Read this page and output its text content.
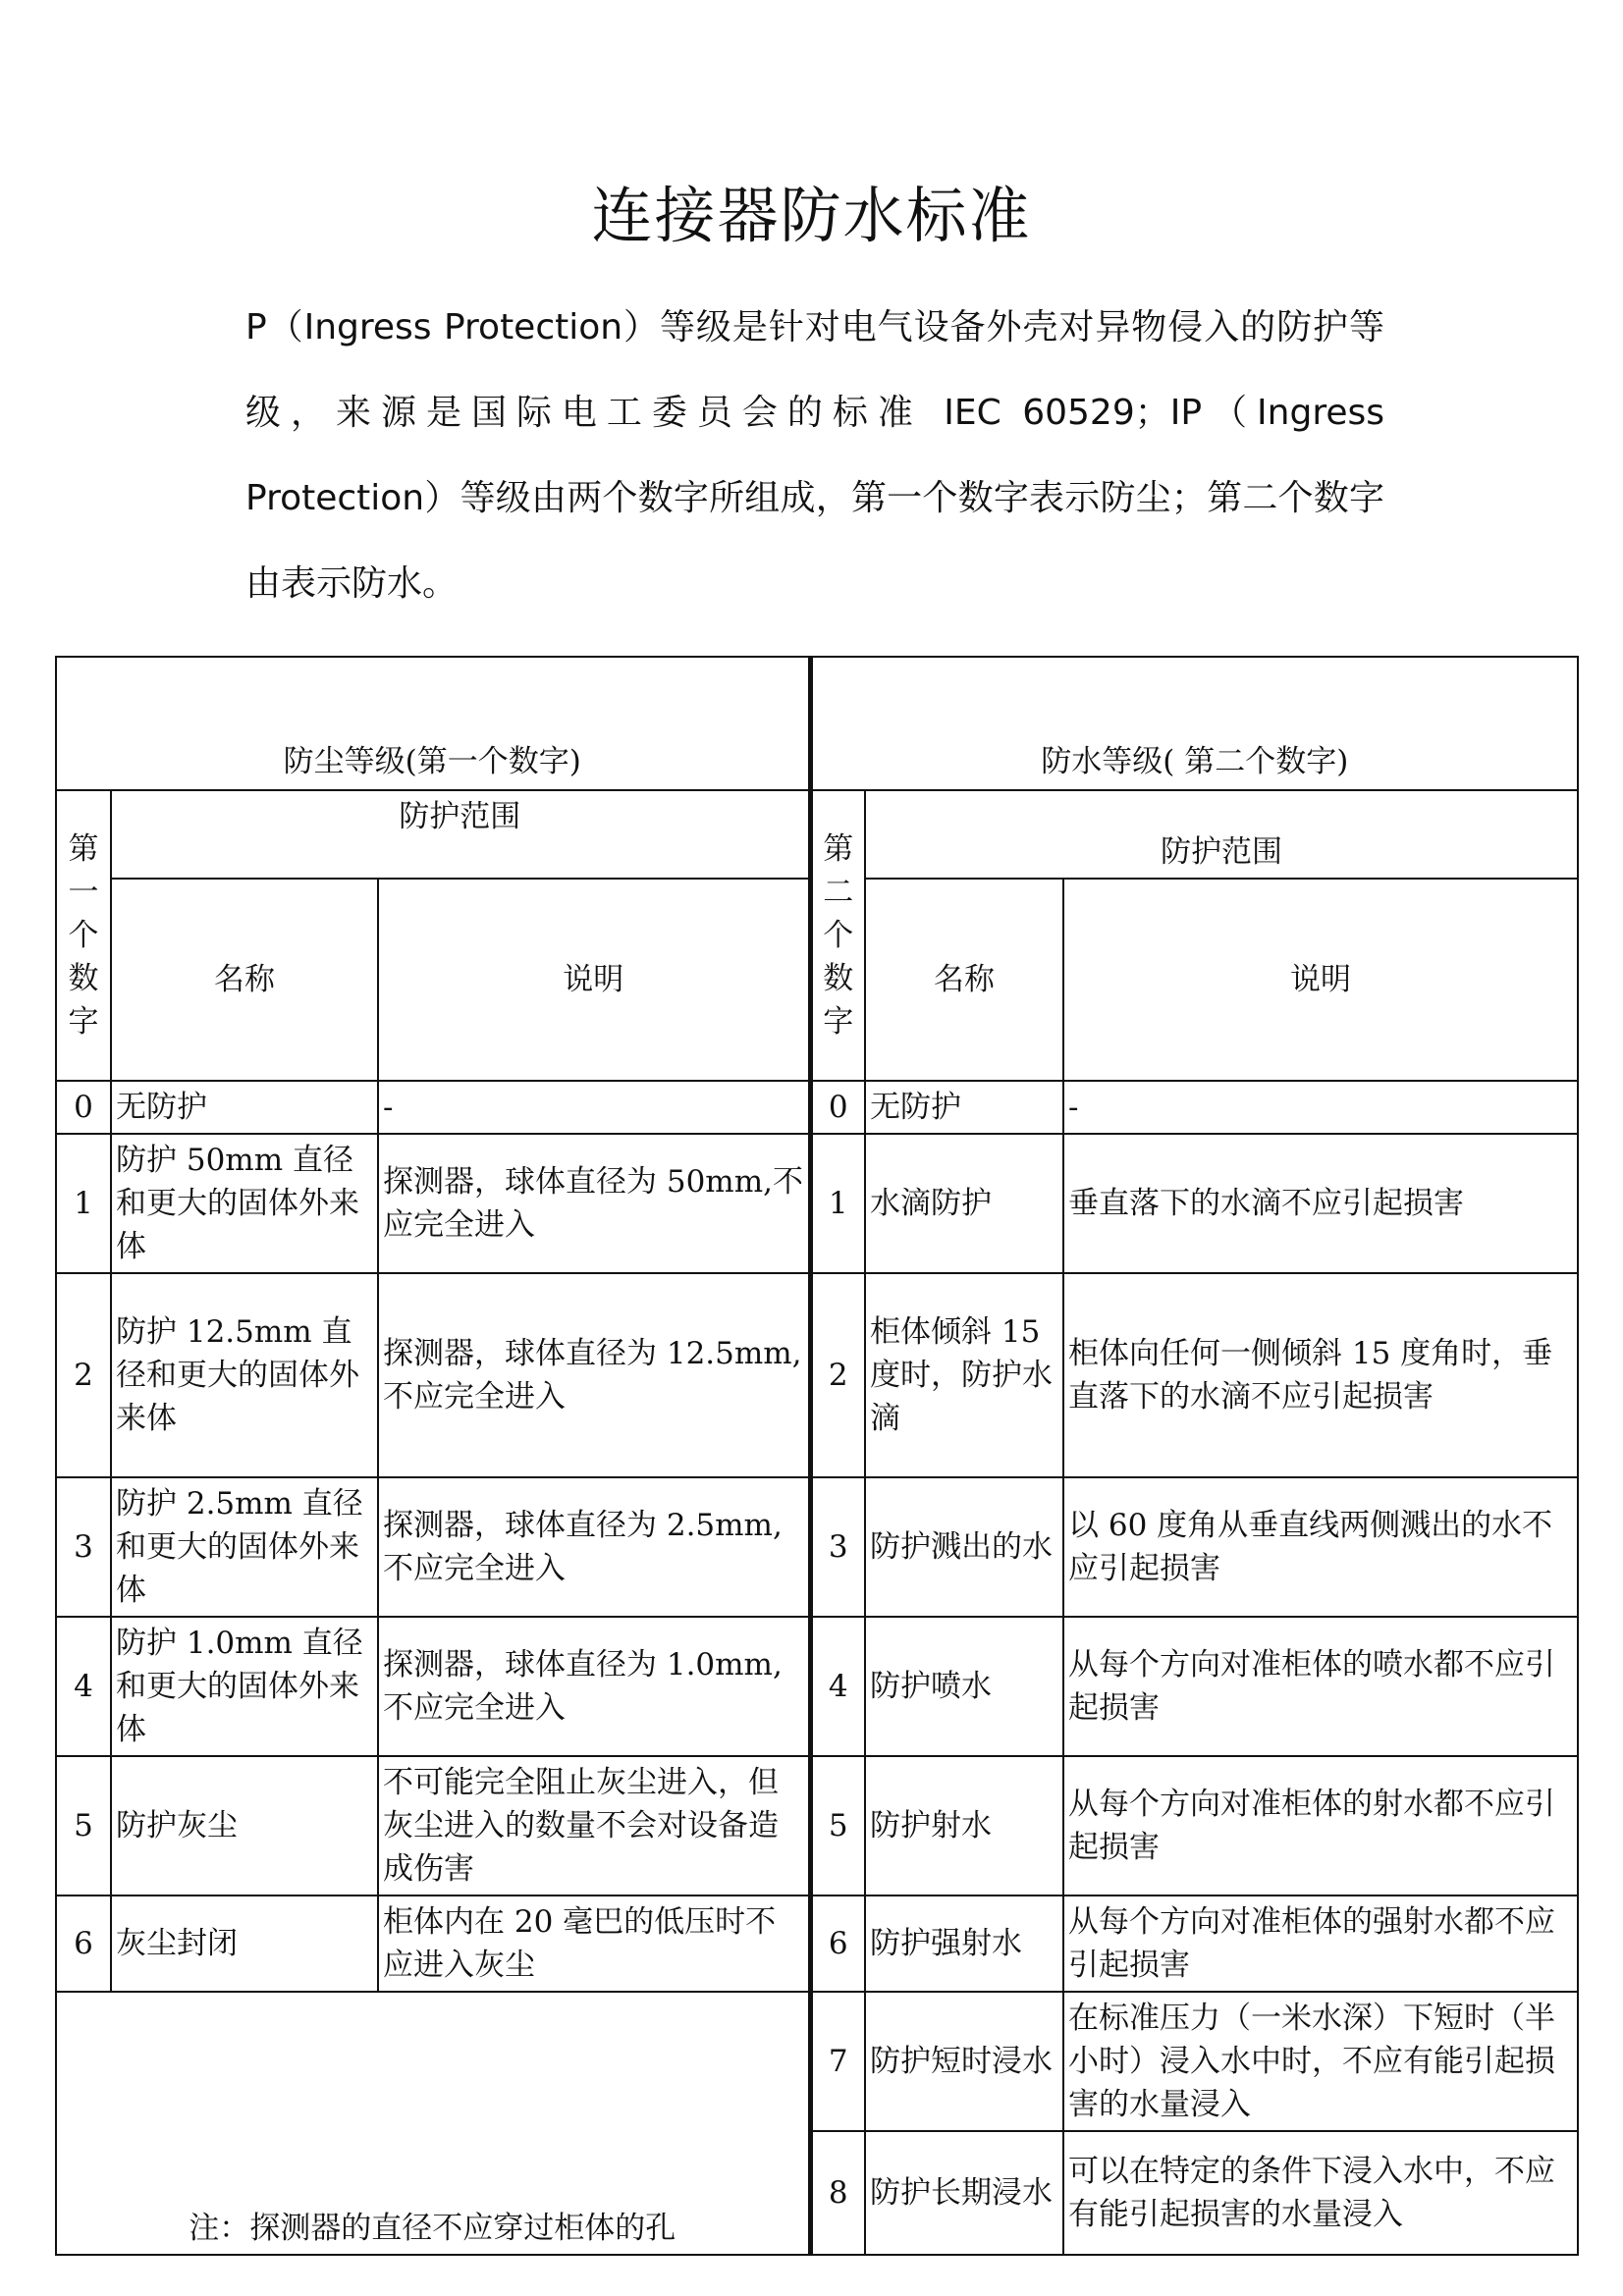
连接器防水标准
P（Ingress Protection）等级是针对电气设备外壳对异物侵入的防护等级，来源是国际电工委员会的标准 IEC 60529；IP（Ingress Protection）等级由两个数字所组成，第一个数字表示防尘；第二个数字由表示防水。
防尘等级(第一个数字)			防水等级( 第二个数字)		

第一个数字	防护范围		第二个数字	防护范围	
	名称	说明		名称	说明
0	无防护	-	0	无防护	-
1	防护 50mm 直径和更大的固体外来体	探测器，球体直径为 50mm,不应完全进入	1	水滴防护	垂直落下的水滴不应引起损害
2	防护 12.5mm 直径和更大的固体外来体	探测器，球体直径为 12.5mm,不应完全进入	2	柜体倾斜 15 度时，防护水滴	柜体向任何一侧倾斜 15 度角时，垂直落下的水滴不应引起损害
3	防护 2.5mm 直径和更大的固体外来体	探测器，球体直径为 2.5mm,不应完全进入	3	防护溅出的水	以 60 度角从垂直线两侧溅出的水不应引起损害
4	防护 1.0mm 直径和更大的固体外来体	探测器，球体直径为 1.0mm,不应完全进入	4	防护喷水	从每个方向对准柜体的喷水都不应引起损害
5	防护灰尘	不可能完全阻止灰尘进入，但灰尘进入的数量不会对设备造成伤害	5	防护射水	从每个方向对准柜体的射水都不应引起损害
6	灰尘封闭	柜体内在 20 毫巴的低压时不应进入灰尘	6	防护强射水	从每个方向对准柜体的强射水都不应引起损害
注：探测器的直径不应穿过柜体的孔			7	防护短时浸水	在标准压力（一米水深）下短时（半小时）浸入水中时，不应有能引起损害的水量浸入
			8	防护长期浸水	可以在特定的条件下浸入水中，不应有能引起损害的水量浸入
